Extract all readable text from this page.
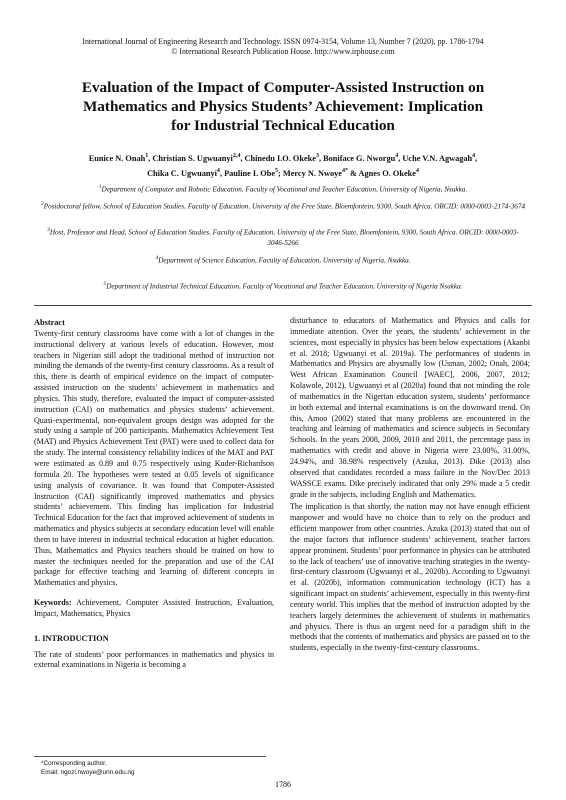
International Journal of Engineering Research and Technology. ISSN 0974-3154, Volume 13, Number 7 (2020), pp. 1786-1794
© International Research Publication House. http://www.irphouse.com
Evaluation of the Impact of Computer-Assisted Instruction on
Mathematics and Physics Students’ Achievement: Implication
for Industrial Technical Education
Eunice N. Onah$^1$, Christian S. Ugwuanyi$^{2,4}$, Chinedu I.O. Okeke$^3$, Boniface G. Nworgu$^4$, Uche V.N. Agwagah$^4$,
Chika C. Ugwuanyi$^4$, Pauline I. Obe$^5$; Mercy N. Nwoye$^{4*}$ & Agnes O. Okeke$^4$
$^1$Department of Computer and Robotic Education, Faculty of Vocational and Teacher Education, University of Nigeria, Nsukka.
$^2$Postdoctoral fellow, School of Education Studies, Faculty of Education, University of the Free State, Bloemfontein, 9300, South Africa. ORCID: 0000-0003-2174-3674
$^3$Host, Professor and Head, School of Education Studies, Faculty of Education, University of the Free State, Bloemfontein, 9300, South Africa. ORCID: 0000-0003-3046-5266
$^4$Department of Science Education, Faculty of Education, University of Nigeria, Nsukka.
$^5$Department of Industrial Technical Education, Faculty of Vocational and Teacher Education, University of Nigeria Nsukka.

Abstract

Twenty-first century classrooms have come with a lot of changes in the instructional delivery at various levels of education. However, most teachers in Nigerian still adopt the traditional method of instruction not minding the demands of the twenty-first century classrooms. As a result of this, there is dearth of empirical evidence on the impact of computer-assisted instruction on the students’ achievement in mathematics and physics. This study, therefore, evaluated the impact of computer-assisted instruction (CAI) on mathematics and physics students’ achievement. Quasi-experimental, non-equivalent groups design was adopted for the study using a sample of 200 participants. Mathematics Achievement Test (MAT) and Physics Achievement Test (PAT) were used to collect data for the study. The internal consistency reliability indices of the MAT and PAT were estimated as 0.89 and 0.75 respectively using Kuder-Richardson formula 20. The hypotheses were tested at 0.05 levels of significance using analysis of covariance. It was found that Computer-Assisted Instruction (CAI) significantly improved mathematics and physics students’ achievement. This finding has implication for Industrial Technical Education for the fact that improved achievement of students in mathematics and physics subjects at secondary education level will enable them to have interest in industrial technical education at higher education. Thus, Mathematics and Physics teachers should be trained on how to master the techniques needed for the preparation and use of the CAI package for effective teaching and learning of different concepts in Mathematics and physics.

Keywords: Achievement, Computer Assisted Instruction, Evaluation, Impact, Mathematics, Physics

1. INTRODUCTION

The rate of students’ poor performances in mathematics and physics in external examinations in Nigeria is becoming a

disturbance to educators of Mathematics and Physics and calls for immediate attention. Over the years, the students’ achievement in the sciences, most especially in physics has been below expectations (Akanbi et al. 2018; Ugwuanyi et al. 2019a). The performances of students in Mathematics and Physics are abysmally low (Usman, 2002; Onah, 2004; West African Examination Council [WAEC], 2006, 2007, 2012; Kolawole, 2012). Ugwuanyi et al (2020a) found that not minding the role of mathematics in the Nigerian education system, students’ performance in both external and internal examinations is on the downward trend. On this, Amoo (2002) stated that many problems are encountered in the teaching and learning of mathematics and science subjects in Secondary Schools. In the years 2008, 2009, 2010 and 2011, the percentage pass in mathematics with credit and above in Nigeria were 23.00%, 31.00%, 24.94%, and 38.98% respectively (Azuka, 2013). Dike (2013) also observed that candidates recorded a mass failure in the Nov/Dec 2013 WASSCE exams. Dike precisely indicated that only 29% made a 5 credit grade in the subjects, including English and Mathematics.

The implication is that shortly, the nation may not have enough efficient manpower and would have no choice than to rely on the product and efficient manpower from other countries. Azuka (2013) stated that out of the major factors that influence students’ achievement, teacher factors appear prominent. Students’ poor performance in physics can be attributed to the lack of teachers’ use of innovative teaching strategies in the twenty-first-century classroom (Ugwuanyi et al., 2020b). According to Ugwuanyi et al. (2020b), information communication technology (ICT) has a significant impact on students’ achievement, especially in this twenty-first century world. This implies that the method of instruction adopted by the teachers largely determines the achievement of students in mathematics and physics. There is thus an urgent need for a paradigm shift in the methods that the contents of mathematics and physics are passed on to the students, especially in the twenty-first-century classrooms.

*Corresponding author.
Email: ngozi.nwoye@unn.edu.ng
1786
